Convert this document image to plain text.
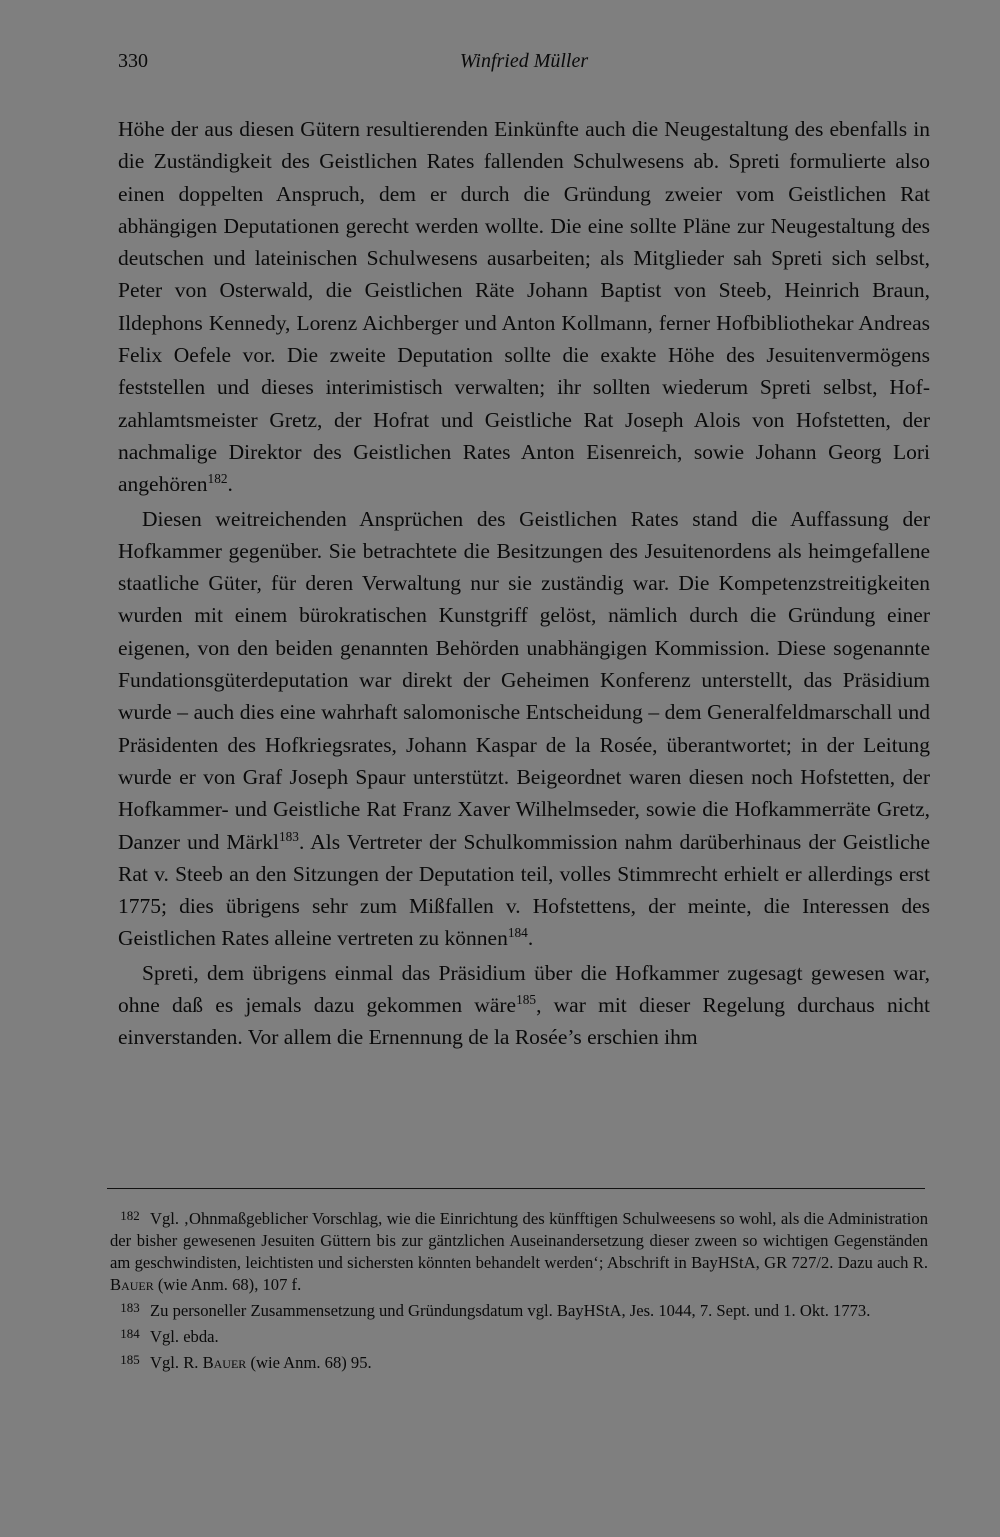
330	Winfried Müller

Höhe der aus diesen Gütern resultierenden Einkünfte auch die Neugestaltung des ebenfalls in die Zuständigkeit des Geistlichen Rates fallenden Schulwesens ab. Spreti formulierte also einen doppelten Anspruch, dem er durch die Gründung zweier vom Geistlichen Rat abhängigen Deputationen gerecht werden wollte. Die eine sollte Pläne zur Neugestaltung des deutschen und lateinischen Schulwesens ausarbeiten; als Mitglieder sah Spreti sich selbst, Peter von Osterwald, die Geistlichen Räte Johann Baptist von Steeb, Heinrich Braun, Ildephons Kennedy, Lorenz Aichberger und Anton Kollmann, ferner Hofbibliothekar Andreas Felix Oefele vor. Die zweite Deputation sollte die exakte Höhe des Jesuitenvermögens feststellen und dieses interimistisch verwalten; ihr sollten wiederum Spreti selbst, Hofzahlamtsmeister Gretz, der Hofrat und Geistliche Rat Joseph Alois von Hofstetten, der nachmalige Direktor des Geistlichen Rates Anton Eisenreich, sowie Johann Georg Lori angehören$^{182}$.

Diesen weitreichenden Ansprüchen des Geistlichen Rates stand die Auffassung der Hofkammer gegenüber. Sie betrachtete die Besitzungen des Jesuitenordens als heimgefallene staatliche Güter, für deren Verwaltung nur sie zuständig war. Die Kompetenzstreitigkeiten wurden mit einem bürokratischen Kunstgriff gelöst, nämlich durch die Gründung einer eigenen, von den beiden genannten Behörden unabhängigen Kommission. Diese sogenannte Fundationsgüterdeputation war direkt der Geheimen Konferenz unterstellt, das Präsidium wurde – auch dies eine wahrhaft salomonische Entscheidung – dem Generalfeldmarschall und Präsidenten des Hofkriegsrates, Johann Kaspar de la Rosée, überantwortet; in der Leitung wurde er von Graf Joseph Spaur unterstützt. Beigeordnet waren diesen noch Hofstetten, der Hofkammer- und Geistliche Rat Franz Xaver Wilhelmseder, sowie die Hofkammerräte Gretz, Danzer und Märkl$^{183}$. Als Vertreter der Schulkommission nahm darüberhinaus der Geistliche Rat v. Steeb an den Sitzungen der Deputation teil, volles Stimmrecht erhielt er allerdings erst 1775; dies übrigens sehr zum Mißfallen v. Hofstettens, der meinte, die Interessen des Geistlichen Rates alleine vertreten zu können$^{184}$.

Spreti, dem übrigens einmal das Präsidium über die Hofkammer zugesagt gewesen war, ohne daß es jemals dazu gekommen wäre$^{185}$, war mit dieser Regelung durchaus nicht einverstanden. Vor allem die Ernennung de la Rosée’s erschien ihm

182 Vgl. ‚Ohnmaßgeblicher Vorschlag, wie die Einrichtung des künfftigen Schulweesens so wohl, als die Administration der bisher gewesenen Jesuiten Güttern bis zur gäntzlichen Auseinandersetzung dieser zween so wichtigen Gegenständen am geschwindisten, leichtisten und sichersten könnten behandelt werden‘; Abschrift in BayHStA, GR 727/2. Dazu auch R. Bauer (wie Anm. 68), 107 f.

183 Zu personeller Zusammensetzung und Gründungsdatum vgl. BayHStA, Jes. 1044, 7. Sept. und 1. Okt. 1773.

184 Vgl. ebda.

185 Vgl. R. Bauer (wie Anm. 68) 95.
